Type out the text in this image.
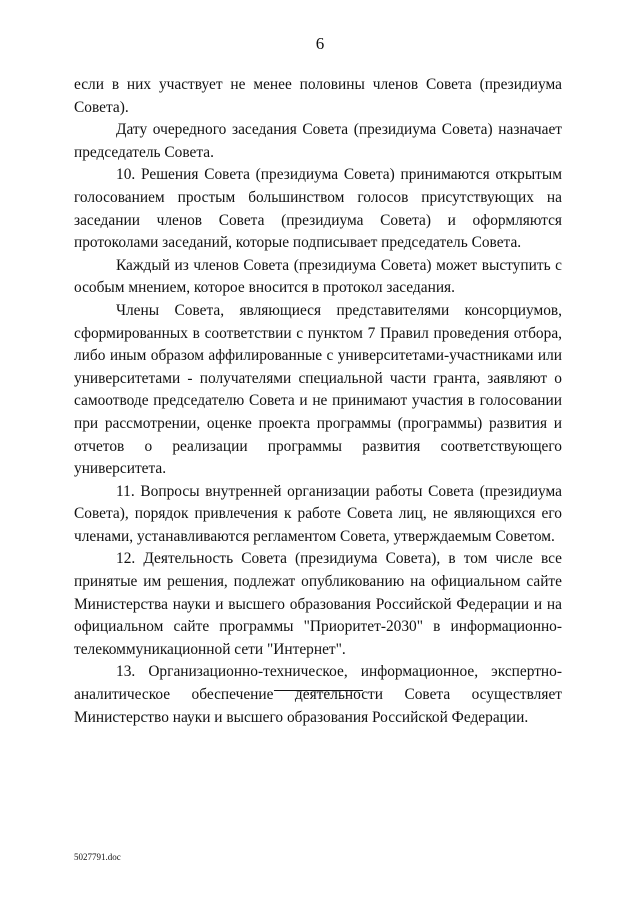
6

если в них участвует не менее половины членов Совета (президиума Совета).

Дату очередного заседания Совета (президиума Совета) назначает председатель Совета.

10. Решения Совета (президиума Совета) принимаются открытым голосованием простым большинством голосов присутствующих на заседании членов Совета (президиума Совета) и оформляются протоколами заседаний, которые подписывает председатель Совета.

Каждый из членов Совета (президиума Совета) может выступить с особым мнением, которое вносится в протокол заседания.

Члены Совета, являющиеся представителями консорциумов, сформированных в соответствии с пунктом 7 Правил проведения отбора, либо иным образом аффилированные с университетами-участниками или университетами - получателями специальной части гранта, заявляют о самоотводе председателю Совета и не принимают участия в голосовании при рассмотрении, оценке проекта программы (программы) развития и отчетов о реализации программы развития соответствующего университета.

11. Вопросы внутренней организации работы Совета (президиума Совета), порядок привлечения к работе Совета лиц, не являющихся его членами, устанавливаются регламентом Совета, утверждаемым Советом.

12. Деятельность Совета (президиума Совета), в том числе все принятые им решения, подлежат опубликованию на официальном сайте Министерства науки и высшего образования Российской Федерации и на официальном сайте программы "Приоритет-2030" в информационно-телекоммуникационной сети "Интернет".

13. Организационно-техническое, информационное, экспертно-аналитическое обеспечение деятельности Совета осуществляет Министерство науки и высшего образования Российской Федерации.

5027791.doc
